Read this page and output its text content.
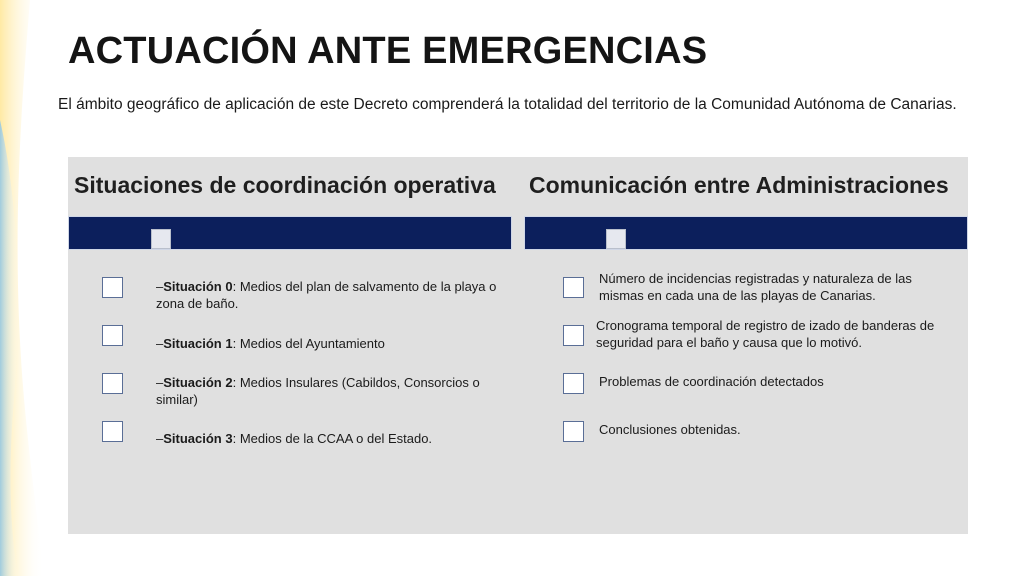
ACTUACIÓN ANTE EMERGENCIAS
El ámbito geográfico de aplicación de este Decreto comprenderá la totalidad del territorio de la Comunidad Autónoma de Canarias.
Situaciones de coordinación operativa
–Situación 0: Medios del plan de salvamento de la playa o zona de baño.
–Situación 1: Medios del Ayuntamiento
–Situación 2: Medios Insulares (Cabildos, Consorcios o similar)
–Situación 3: Medios de la CCAA o del Estado.
Comunicación entre Administraciones
Número de incidencias registradas y naturaleza de las mismas en cada una de las playas de Canarias.
Cronograma temporal de registro de izado de banderas de seguridad para el baño y causa que lo motivó.
Problemas de coordinación detectados
Conclusiones obtenidas.
